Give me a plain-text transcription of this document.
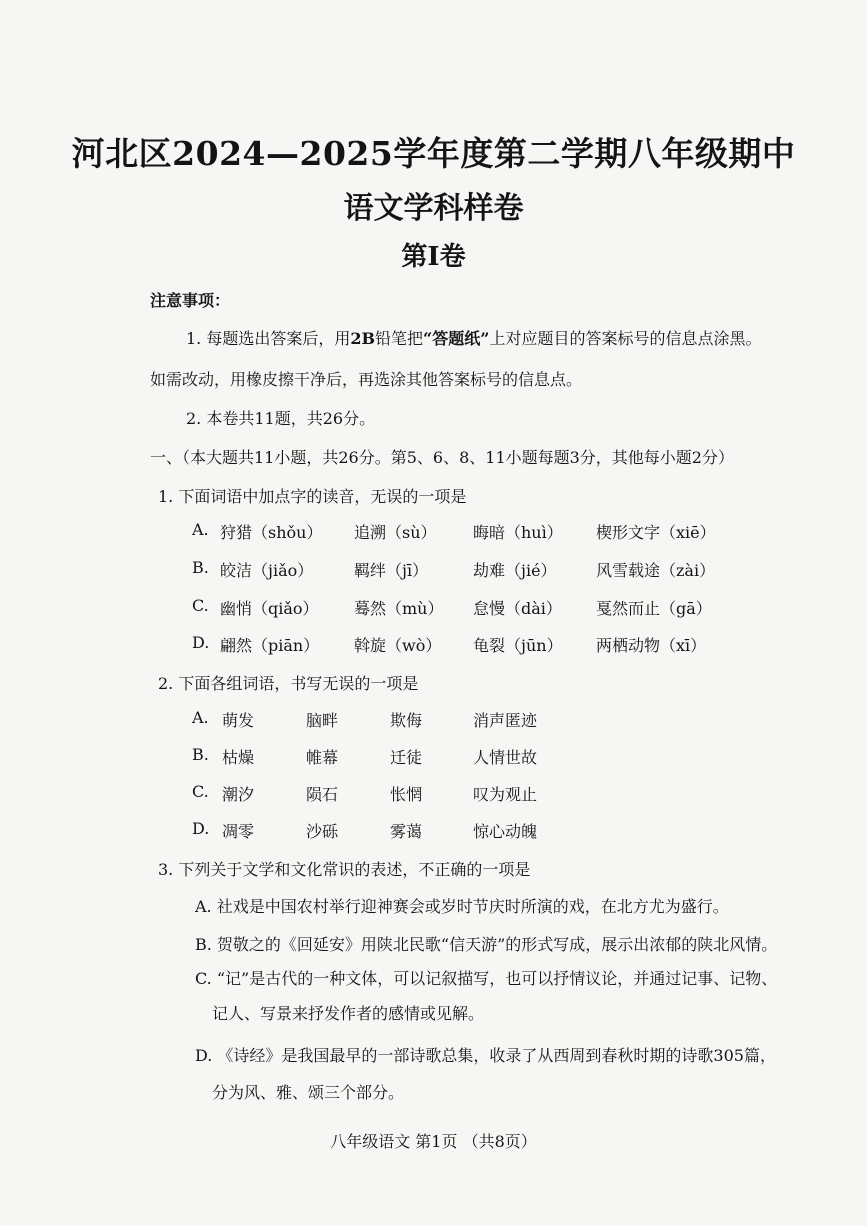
河北区2024—2025学年度第二学期八年级期中
语文学科样卷
第I卷
注意事项：
1. 每题选出答案后，用2B铅笔把“答题纸”上对应题目的答案标号的信息点涂黑。
如需改动，用橡皮擦干净后，再选涂其他答案标号的信息点。
2. 本卷共11题，共26分。
一、（本大题共11小题，共26分。第5、6、8、11小题每题3分，其他每小题2分）
1. 下面词语中加点字的读音，无误的一项是
A. 狩猎（shǒu） 追溯（sù） 晦暗（huì） 楔形文字（xiē）
B. 皎洁（jiǎo）	羁绊（jī）	劫难（jié） 风雪载途（zài）
C. 幽悄（qiǎo） 蓦然（mù） 怠慢（dài） 戛然而止（gā）
D. 翩然（piān） 斡旋（wò） 龟裂（jūn） 两栖动物（xī）
2. 下面各组词语，书写无误的一项是
A. 萌发	脑畔	欺侮	消声匿迹
B. 枯燥	帷幕	迁徒	人情世故
C. 潮汐	陨石	怅惘	叹为观止
D. 凋零	沙砾	雾蔼	惊心动魄
3. 下列关于文学和文化常识的表述，不正确的一项是
A. 社戏是中国农村举行迎神赛会或岁时节庆时所演的戏，在北方尤为盛行。
B. 贺敬之的《回延安》用陕北民歌“信天游”的形式写成，展示出浓郁的陕北风情。
C. “记”是古代的一种文体，可以记叙描写，也可以抒情议论，并通过记事、记物、
记人、写景来抒发作者的感情或见解。
D. 《诗经》是我国最早的一部诗歌总集，收录了从西周到春秋时期的诗歌305篇，
分为风、雅、颂三个部分。
八年级语文 第1页 （共8页）
